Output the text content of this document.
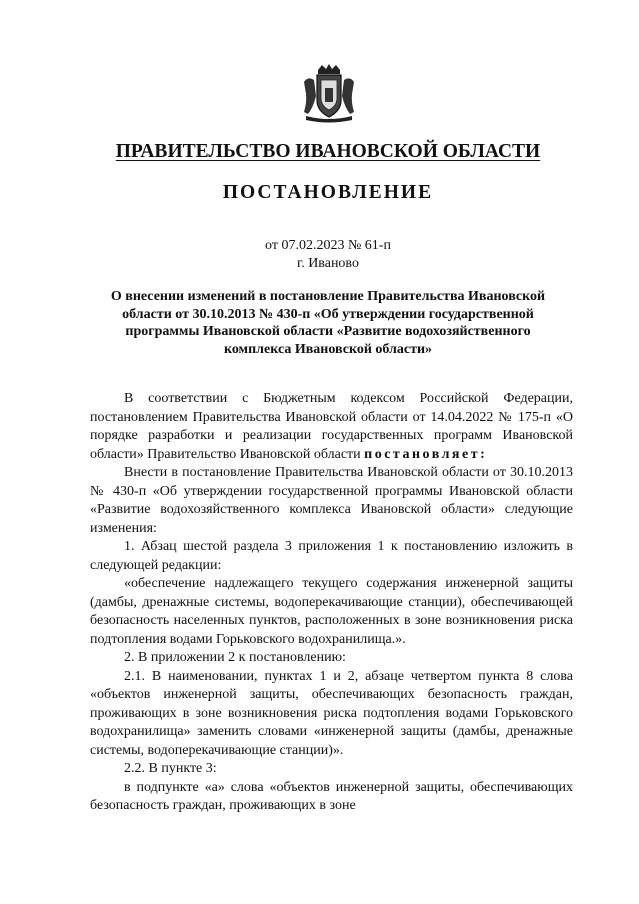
ПРАВИТЕЛЬСТВО ИВАНОВСКОЙ ОБЛАСТИ
ПОСТАНОВЛЕНИЕ
от 07.02.2023 № 61-п
г. Иваново
О внесении изменений в постановление Правительства Ивановской области от 30.10.2013 № 430-п «Об утверждении государственной программы Ивановской области «Развитие водохозяйственного комплекса Ивановской области»

В соответствии с Бюджетным кодексом Российской Федерации, постановлением Правительства Ивановской области от 14.04.2022 № 175-п «О порядке разработки и реализации государственных программ Ивановской области» Правительство Ивановской области постановляет:

Внести в постановление Правительства Ивановской области от 30.10.2013 № 430-п «Об утверждении государственной программы Ивановской области «Развитие водохозяйственного комплекса Ивановской области» следующие изменения:

1. Абзац шестой раздела 3 приложения 1 к постановлению изложить в следующей редакции:

«обеспечение надлежащего текущего содержания инженерной защиты (дамбы, дренажные системы, водоперекачивающие станции), обеспечивающей безопасность населенных пунктов, расположенных в зоне возникновения риска подтопления водами Горьковского водохранилища.».

2. В приложении 2 к постановлению:

2.1. В наименовании, пунктах 1 и 2, абзаце четвертом пункта 8 слова «объектов инженерной защиты, обеспечивающих безопасность граждан, проживающих в зоне возникновения риска подтопления водами Горьковского водохранилища» заменить словами «инженерной защиты (дамбы, дренажные системы, водоперекачивающие станции)».

2.2. В пункте 3:

в подпункте «а» слова «объектов инженерной защиты, обеспечивающих безопасность граждан, проживающих в зоне
